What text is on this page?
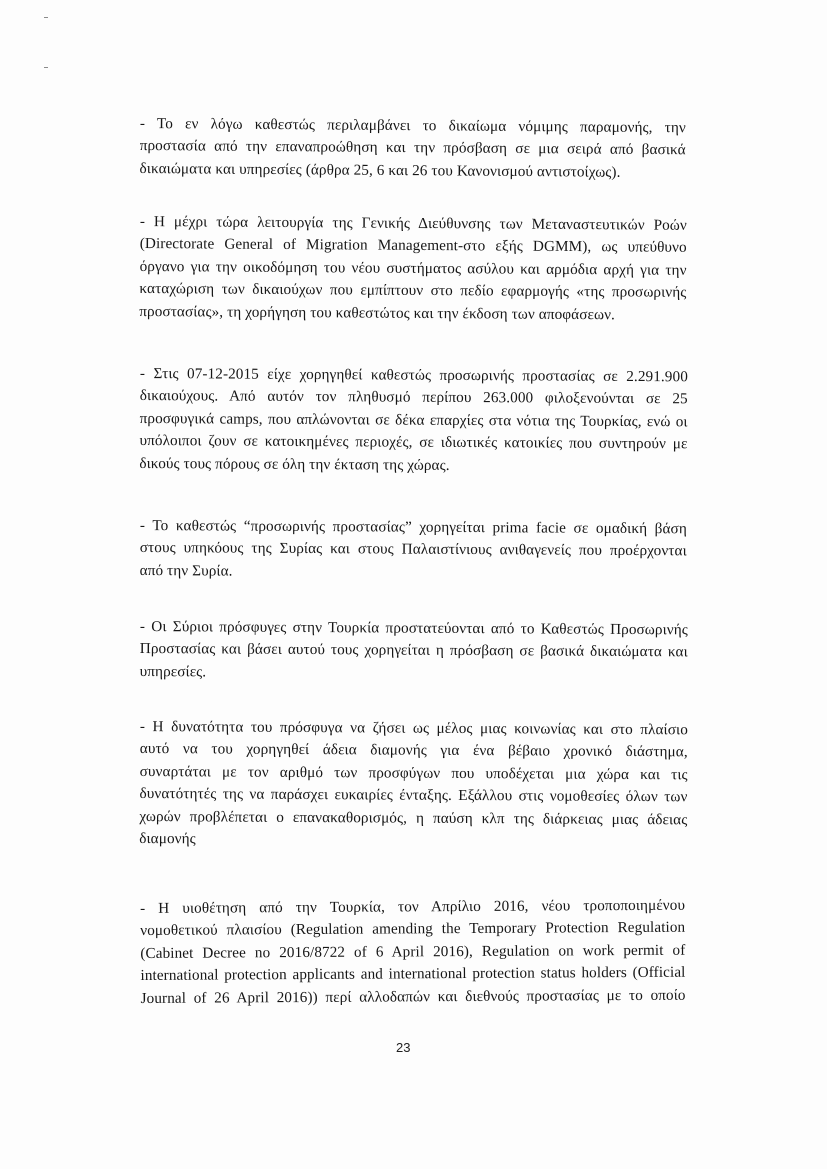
- Το εν λόγω καθεστώς περιλαμβάνει το δικαίωμα νόμιμης παραμονής, την
προστασία από την επαναπροώθηση και την πρόσβαση σε μια σειρά από βασικά
δικαιώματα και υπηρεσίες (άρθρα 25, 6 και 26 του Κανονισμού αντιστοίχως).
- Η μέχρι τώρα λειτουργία της Γενικής Διεύθυνσης των Μεταναστευτικών Ροών
(Directorate General of Migration Management-στο εξής DGMM), ως υπεύθυνο
όργανο για την οικοδόμηση του νέου συστήματος ασύλου και αρμόδια αρχή για την
καταχώριση των δικαιούχων που εμπίπτουν στο πεδίο εφαρμογής «της προσωρινής
προστασίας», τη χορήγηση του καθεστώτος και την έκδοση των αποφάσεων.
- Στις 07-12-2015 είχε χορηγηθεί καθεστώς προσωρινής προστασίας σε 2.291.900
δικαιούχους. Από αυτόν τον πληθυσμό περίπου 263.000 φιλοξενούνται σε 25
προσφυγικά camps, που απλώνονται σε δέκα επαρχίες στα νότια της Τουρκίας, ενώ οι
υπόλοιποι ζουν σε κατοικημένες περιοχές, σε ιδιωτικές κατοικίες που συντηρούν με
δικούς τους πόρους σε όλη την έκταση της χώρας.
- Το καθεστώς “προσωρινής προστασίας” χορηγείται prima facie σε ομαδική βάση
στους υπηκόους της Συρίας και στους Παλαιστίνιους ανιθαγενείς που προέρχονται
από την Συρία.
- Οι Σύριοι πρόσφυγες στην Τουρκία προστατεύονται από το Καθεστώς Προσωρινής
Προστασίας και βάσει αυτού τους χορηγείται η πρόσβαση σε βασικά δικαιώματα και
υπηρεσίες.
- Η δυνατότητα του πρόσφυγα να ζήσει ως μέλος μιας κοινωνίας και στο πλαίσιο
αυτό να του χορηγηθεί άδεια διαμονής για ένα βέβαιο χρονικό διάστημα,
συναρτάται με τον αριθμό των προσφύγων που υποδέχεται μια χώρα και τις
δυνατότητές της να παράσχει ευκαιρίες ένταξης. Εξάλλου στις νομοθεσίες όλων των
χωρών προβλέπεται ο επανακαθορισμός, η παύση κλπ της διάρκειας μιας άδειας
διαμονής
- Η υιοθέτηση από την Τουρκία, τον Απρίλιο 2016, νέου τροποποιημένου
νομοθετικού πλαισίου (Regulation amending the Temporary Protection Regulation
(Cabinet Decree no 2016/8722 of 6 April 2016), Regulation on work permit of
international protection applicants and international protection status holders (Official
Journal of 26 April 2016)) περί αλλοδαπών και διεθνούς προστασίας με το οποίο
23
